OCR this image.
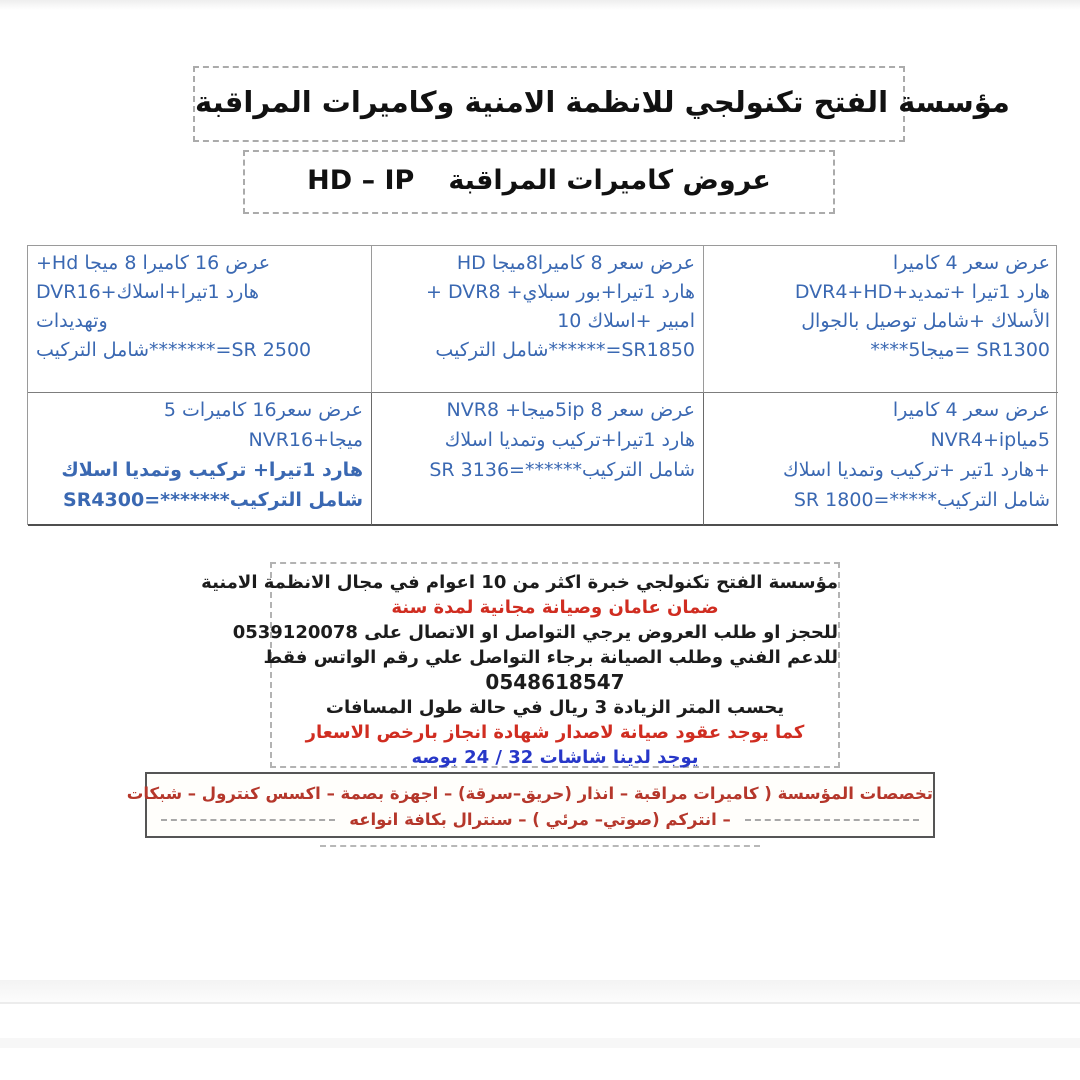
مؤسسة الفتح تكنولجي للانظمة الامنية وكاميرات المراقبة
HD – IP عروض كاميرات المراقبة
+Hd عرض 16 كاميرا 8 ميجا
DVR16+هارد 1تيرا+اسلاك
وتهديدات
شامل التركيب*******=SR 2500
HD عرض سعر 8 كاميرا8ميجا
+ DVR8 +هارد 1تيرا+بور سبلاي
10 امبير +اسلاك
شامل التركيب ******=SR1850
عرض سعر 4 كاميرا
DVR4+HD+هارد 1تيرا +تمديد
الأسلاك +شامل توصيل بالجوال
****5ميجا= SR1300
عرض سعر16 كاميرات 5
NVR16+ميجا
هارد 1تيرا+ تركيب وتمديا اسلاك
SR4300=*******شامل التركيب
NVR8 +ميجا5ip 8 عرض سعر
هارد 1تيرا+تركيب وتمديا اسلاك
SR 3136=******شامل التركيب
عرض سعر 4 كاميرا
NVR4+ip5ميا
+هارد 1تير +تركيب وتمديا اسلاك
SR 1800=*****شامل التركيب
مؤسسة الفتح تكنولجي خبرة اكثر من 10 اعوام في مجال الانظمة الامنية
ضمان عامان وصيانة مجانية لمدة سنة
للحجز او طلب العروض يرجي التواصل او الاتصال على 0539120078
للدعم الفني وطلب الصيانة برجاء التواصل علي رقم الواتس فقط
0548618547
يحسب المتر الزيادة 3 ريال في حالة طول المسافات
كما يوجد عقود صيانة لاصدار شهادة انجاز بارخص الاسعار
يوجد لدينا شاشات 32 / 24 بوصه
تخصصات المؤسسة ( كاميرات مراقبة – انذار (حريق–سرقة) – اجهزة بصمة – اكسس كنترول – شبكات
– انتركم (صوتي– مرئي ) – سنترال بكافة انواعه
